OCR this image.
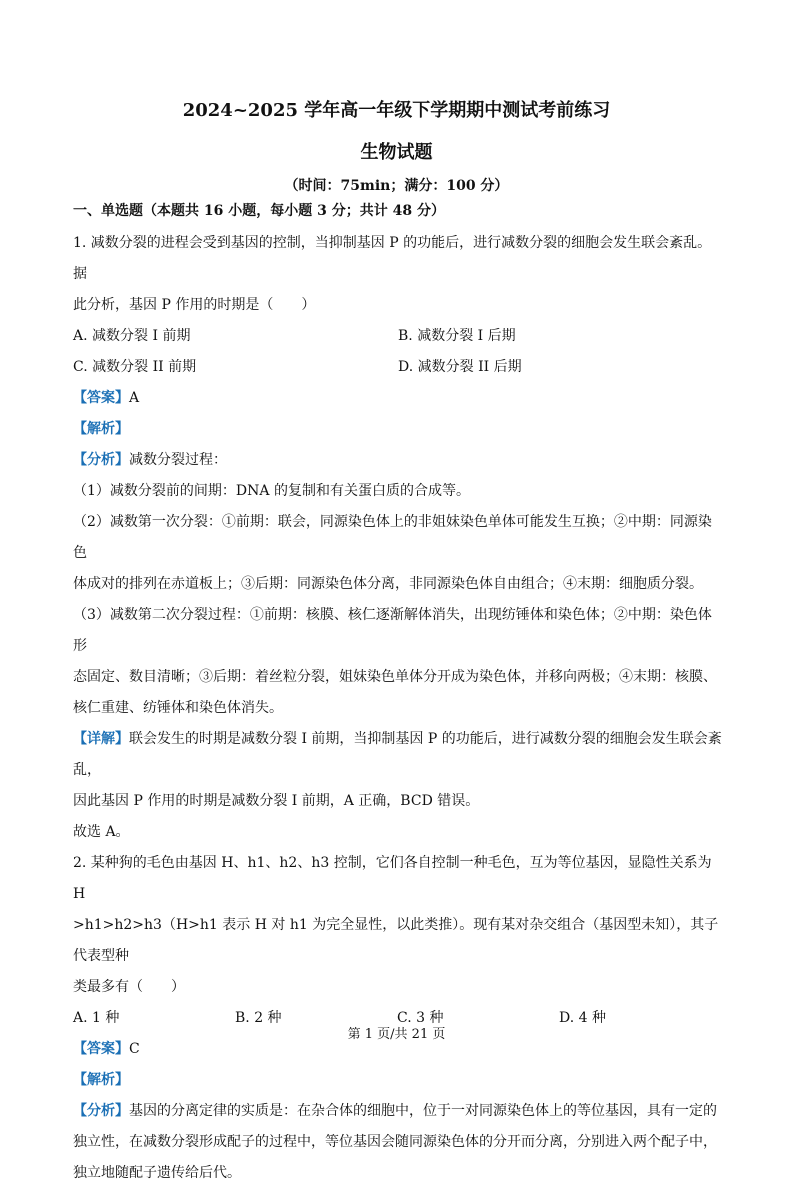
2024~2025 学年高一年级下学期期中测试考前练习
生物试题
（时间：75min；满分：100 分）

一、单选题（本题共 16 小题，每小题 3 分；共计 48 分）

1. 减数分裂的进程会受到基因的控制，当抑制基因 P 的功能后，进行减数分裂的细胞会发生联会紊乱。据

此分析，基因 P 作用的时期是（　　）

A. 减数分裂 I 前期	B. 减数分裂 I 后期
C. 减数分裂 II 前期	D. 减数分裂 II 后期

【答案】A

【解析】

【分析】减数分裂过程：

（1）减数分裂前的间期：DNA 的复制和有关蛋白质的合成等。

（2）减数第一次分裂：①前期：联会，同源染色体上的非姐妹染色单体可能发生互换；②中期：同源染色

体成对的排列在赤道板上；③后期：同源染色体分离，非同源染色体自由组合；④末期：细胞质分裂。

（3）减数第二次分裂过程：①前期：核膜、核仁逐渐解体消失，出现纺锤体和染色体；②中期：染色体形

态固定、数目清晰；③后期：着丝粒分裂，姐妹染色单体分开成为染色体，并移向两极；④末期：核膜、

核仁重建、纺锤体和染色体消失。

【详解】联会发生的时期是减数分裂 I 前期，当抑制基因 P 的功能后，进行减数分裂的细胞会发生联会紊乱，

因此基因 P 作用的时期是减数分裂 I 前期，A 正确，BCD 错误。

故选 A。

2. 某种狗的毛色由基因 H、h1、h2、h3 控制，它们各自控制一种毛色，互为等位基因，显隐性关系为 H

>h1>h2>h3（H>h1 表示 H 对 h1 为完全显性，以此类推）。现有某对杂交组合（基因型未知），其子代表型种

类最多有（　　）

A. 1 种	B. 2 种	C. 3 种	D. 4 种

【答案】C

【解析】

【分析】基因的分离定律的实质是：在杂合体的细胞中，位于一对同源染色体上的等位基因，具有一定的

独立性，在减数分裂形成配子的过程中，等位基因会随同源染色体的分开而分离，分别进入两个配子中，

独立地随配子遗传给后代。

第 1 页/共 21 页
